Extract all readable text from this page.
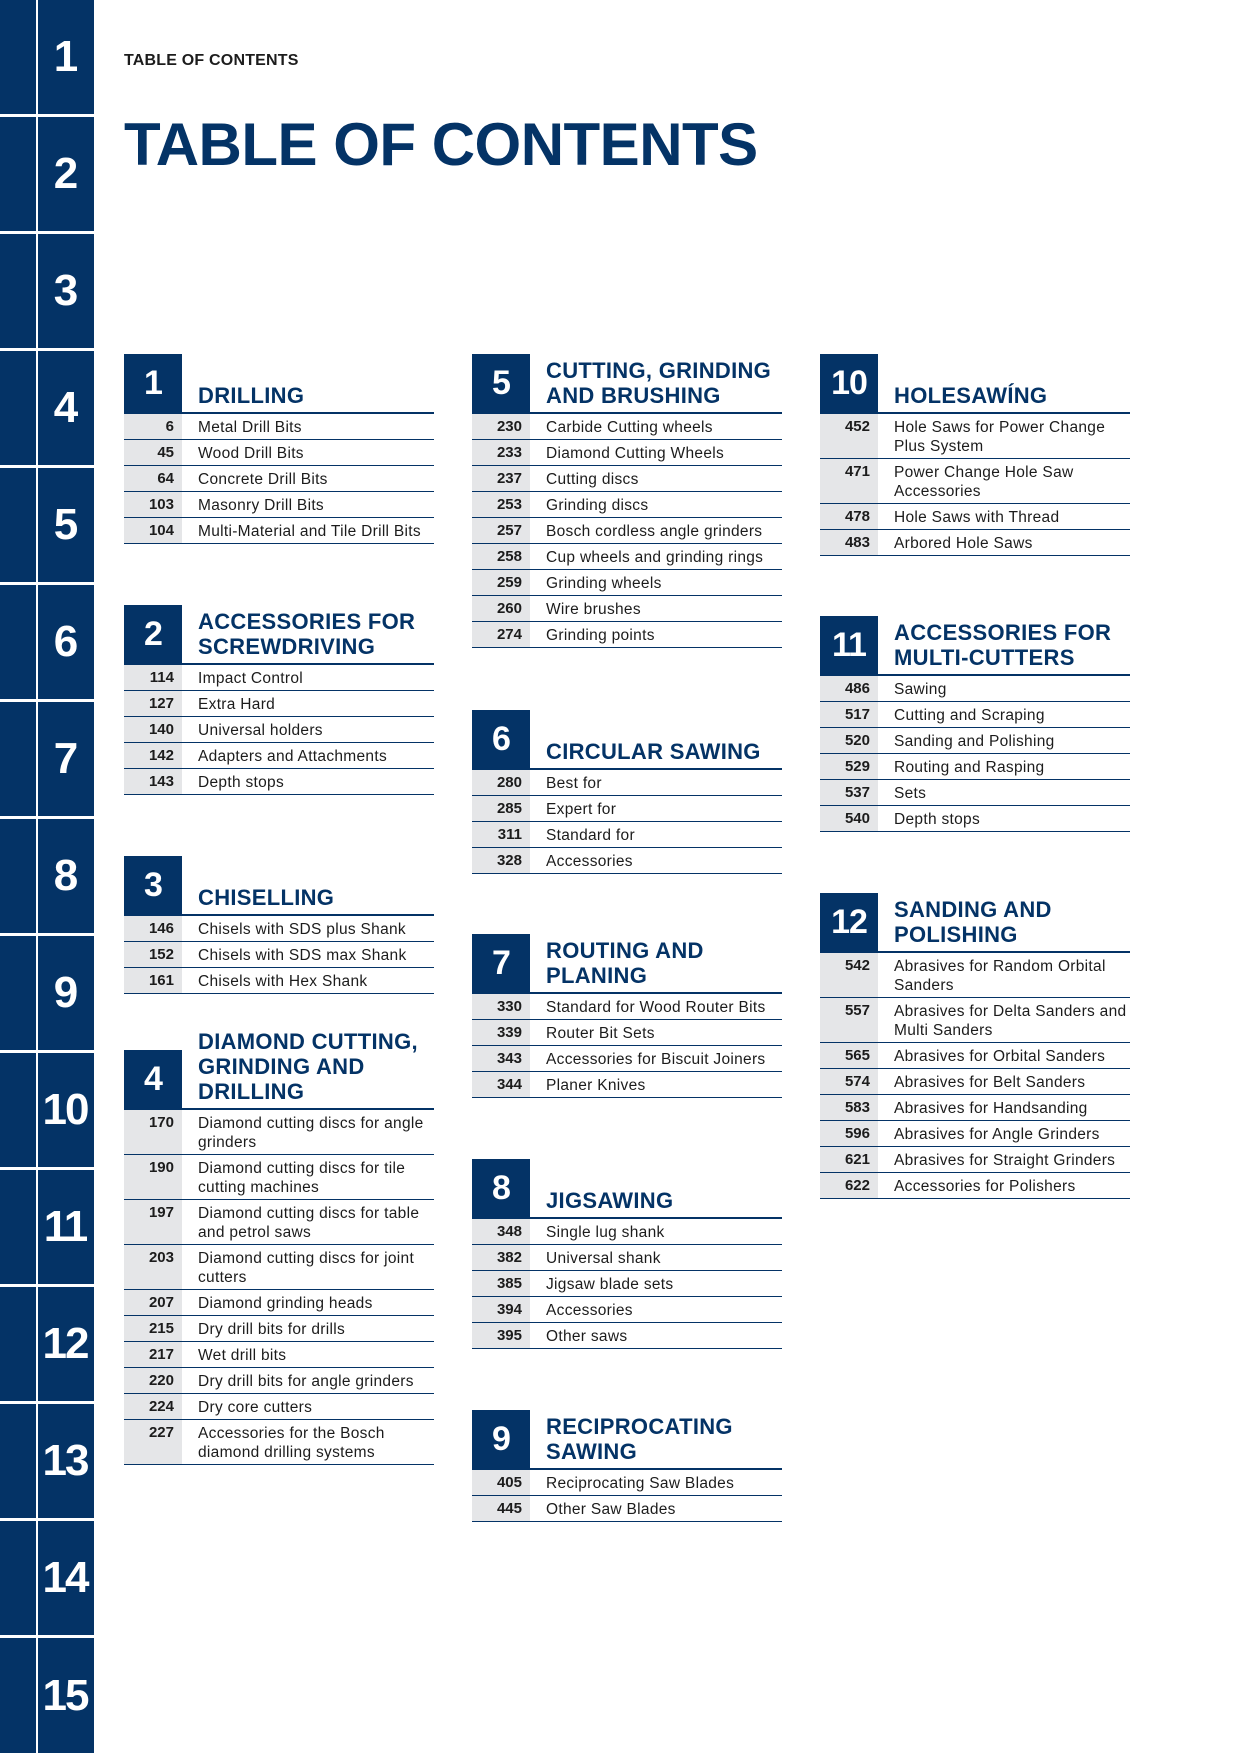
1
2
3
4
5
6
7
8
9
10
11
12
13
14
15
TABLE OF CONTENTS
TABLE OF CONTENTS
1	DRILLING
6	Metal Drill Bits
45	Wood Drill Bits
64	Concrete Drill Bits
103	Masonry Drill Bits
104	Multi-Material and Tile Drill Bits
2	ACCESSORIES FOR
SCREWDRIVING
114	Impact Control
127	Extra Hard
140	Universal holders
142	Adapters and Attachments
143	Depth stops
3	CHISELLING
146	Chisels with SDS plus Shank
152	Chisels with SDS max Shank
161	Chisels with Hex Shank
4
DIAMOND CUTTING,
GRINDING AND
DRILLING
170	Diamond cutting discs for angle
grinders
190	Diamond cutting discs for tile
cutting machines
197	Diamond cutting discs for table
and petrol saws
203	Diamond cutting discs for joint
cutters
207	Diamond grinding heads
215	Dry drill bits for drills
217	Wet drill bits
220	Dry drill bits for angle grinders
224	Dry core cutters
227	Accessories for the Bosch
diamond drilling systems
5	CUTTING, GRINDING
AND BRUSHING
230	Carbide Cutting wheels
233	Diamond Cutting Wheels
237	Cutting discs
253	Grinding discs
257	Bosch cordless angle grinders
258	Cup wheels and grinding rings
259	Grinding wheels
260	Wire brushes
274	Grinding points
6	CIRCULAR SAWING
280	Best for
285	Expert for
311	Standard for
328	Accessories
7	ROUTING AND
PLANING
330	Standard for Wood Router Bits
339	Router Bit Sets
343	Accessories for Biscuit Joiners
344	Planer Knives
8	JIGSAWING
348	Single lug shank
382	Universal shank
385	Jigsaw blade sets
394	Accessories
395	Other saws
9	RECIPROCATING
SAWING
405	Reciprocating Saw Blades
445	Other Saw Blades
10	HOLESAWÍNG
452	Hole Saws for Power Change
Plus System
471	Power Change Hole Saw
Accessories
478	Hole Saws with Thread
483	Arbored Hole Saws
11	ACCESSORIES FOR
MULTI-CUTTERS
486	Sawing
517	Cutting and Scraping
520	Sanding and Polishing
529	Routing and Rasping
537	Sets
540	Depth stops
12	SANDING AND
POLISHING
542	Abrasives for Random Orbital
Sanders
557	Abrasives for Delta Sanders and
Multi Sanders
565	Abrasives for Orbital Sanders
574	Abrasives for Belt Sanders
583	Abrasives for Handsanding
596	Abrasives for Angle Grinders
621	Abrasives for Straight Grinders
622	Accessories for Polishers
